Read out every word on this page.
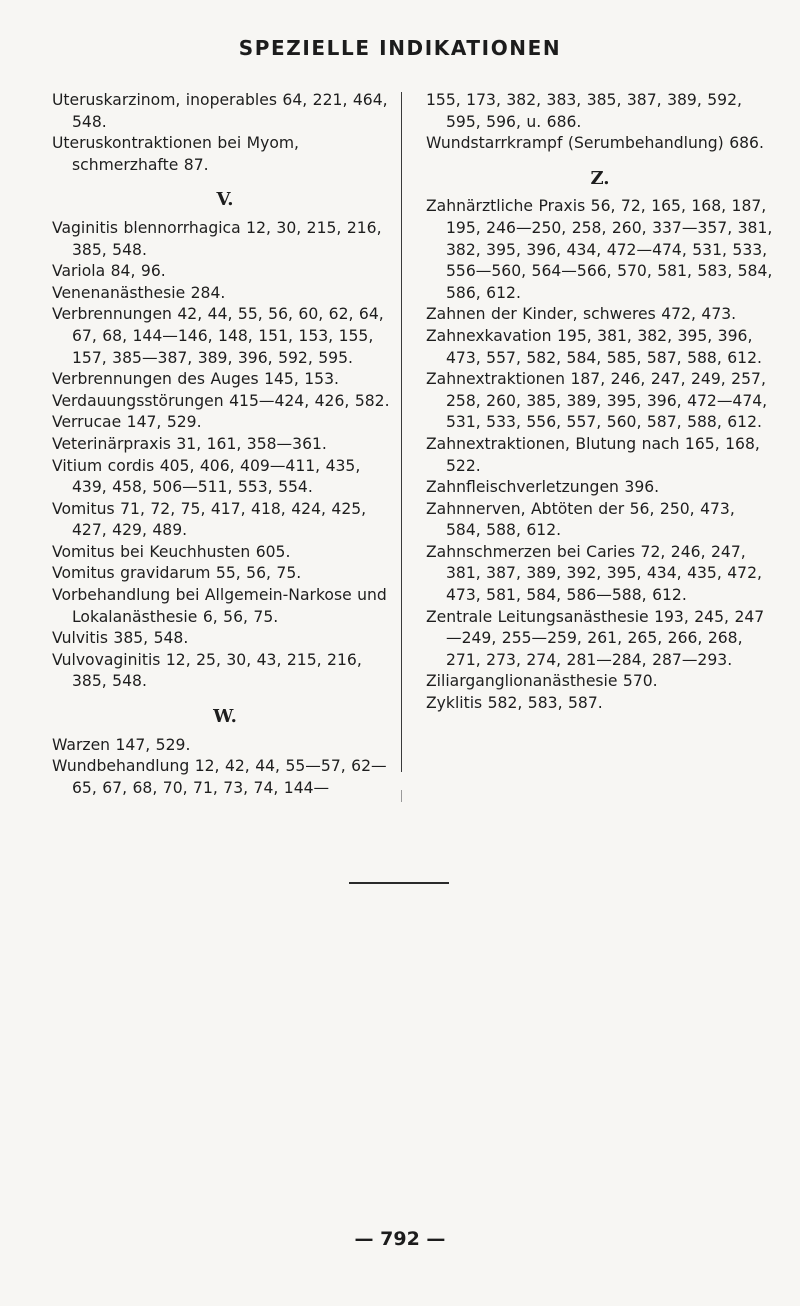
SPEZIELLE INDIKATIONEN

Uteruskarzinom, inoperables 64, 221, 464, 548.

Uteruskontraktionen bei Myom, schmerzhafte 87.

V.

Vaginitis blennorrhagica 12, 30, 215, 216, 385, 548.

Variola 84, 96.

Venenanästhesie 284.

Verbrennungen 42, 44, 55, 56, 60, 62, 64, 67, 68, 144—146, 148, 151, 153, 155, 157, 385—387, 389, 396, 592, 595.

Verbrennungen des Auges 145, 153.

Verdauungsstörungen 415—424, 426, 582.

Verrucae 147, 529.

Veterinärpraxis 31, 161, 358—361.

Vitium cordis 405, 406, 409—411, 435, 439, 458, 506—511, 553, 554.

Vomitus 71, 72, 75, 417, 418, 424, 425, 427, 429, 489.

Vomitus bei Keuchhusten 605.

Vomitus gravidarum 55, 56, 75.

Vorbehandlung bei Allgemein-Narkose und Lokalanästhesie 6, 56, 75.

Vulvitis 385, 548.

Vulvovaginitis 12, 25, 30, 43, 215, 216, 385, 548.

W.

Warzen 147, 529.

Wundbehandlung 12, 42, 44, 55—57, 62—65, 67, 68, 70, 71, 73, 74, 144—

155, 173, 382, 383, 385, 387, 389, 592, 595, 596, u. 686.

Wundstarrkrampf (Serumbehandlung) 686.

Z.

Zahnärztliche Praxis 56, 72, 165, 168, 187, 195, 246—250, 258, 260, 337—357, 381, 382, 395, 396, 434, 472—474, 531, 533, 556—560, 564—566, 570, 581, 583, 584, 586, 612.

Zahnen der Kinder, schweres 472, 473.

Zahnexkavation 195, 381, 382, 395, 396, 473, 557, 582, 584, 585, 587, 588, 612.

Zahnextraktionen 187, 246, 247, 249, 257, 258, 260, 385, 389, 395, 396, 472—474, 531, 533, 556, 557, 560, 587, 588, 612.

Zahnextraktionen, Blutung nach 165, 168, 522.

Zahnfleischverletzungen 396.

Zahnnerven, Abtöten der 56, 250, 473, 584, 588, 612.

Zahnschmerzen bei Caries 72, 246, 247, 381, 387, 389, 392, 395, 434, 435, 472, 473, 581, 584, 586—588, 612.

Zentrale Leitungsanästhesie 193, 245, 247—249, 255—259, 261, 265, 266, 268, 271, 273, 274, 281—284, 287—293.

Ziliarganglionanästhesie 570.

Zyklitis 582, 583, 587.

— 792 —
